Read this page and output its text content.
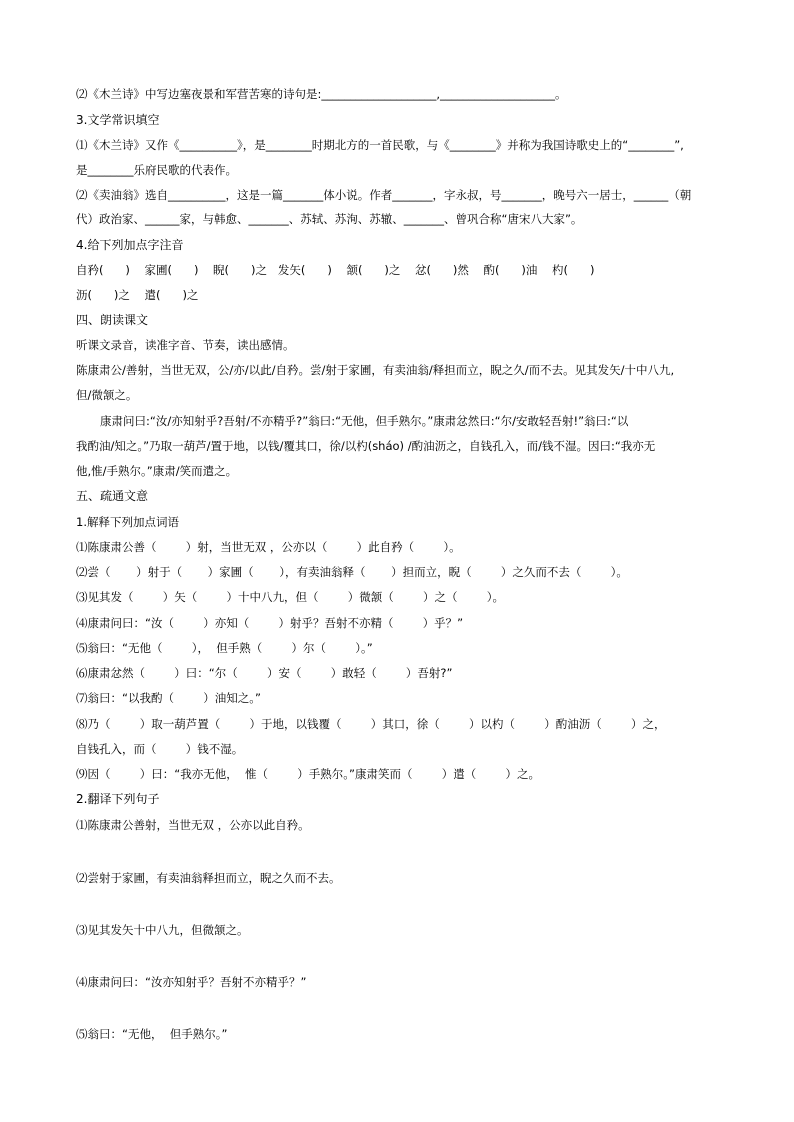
⑵《木兰诗》中写边塞夜景和军营苦寒的诗句是:____________________,____________________。
3.文学常识填空
⑴《木兰诗》又作《__________》，是________时期北方的一首民歌，与《________》并称为我国诗歌史上的“________”,
是________乐府民歌的代表作。
⑵《卖油翁》选自__________，这是一篇_______体小说。作者_______，字永叔，号_______，晚号六一居士，______（朝
代）政治家、______家，与韩愈、_______、苏轼、苏洵、苏辙、_______、曾巩合称“唐宋八大家”。
4.给下列加点字注音
自矜(      )    家圃(      )    睨(      )之   发矢(      )    颔(      )之    忿(      )然    酌(      )油    杓(      )
沥(      )之    遣(      )之
四、朗读课文
听课文录音，读准字音、节奏，读出感情。
陈康肃公/善射，当世无双，公/亦/以此/自矜。尝/射于家圃，有卖油翁/释担而立，睨之久/而不去。见其发矢/十中八九,
但/微颔之。
康肃问曰:“汝/亦知射乎?吾射/不亦精乎?”翁曰:“无他，但手熟尔。”康肃忿然曰:“尔/安敢轻吾射!”翁曰:“以
我酌油/知之。”乃取一葫芦/置于地，以钱/覆其口，徐/以杓(sháo) /酌油沥之，自钱孔入，而/钱不湿。因曰:“我亦无
他,惟/手熟尔。”康肃/笑而遣之。
五、疏通文意
1.解释下列加点词语
⑴陈康肃公善（        ）射，当世无双 ，公亦以（        ）此自矜（        ）。
⑵尝（       ）射于（       ）家圃（       ），有卖油翁释（       ）担而立，睨（        ）之久而不去（        ）。
⑶见其发（        ）矢（        ）十中八九，但（        ）微颔（        ）之（        ）。
⑷康肃问曰：“汝（        ）亦知（        ）射乎？吾射不亦精（        ）乎？”
⑸翁曰：“无他（        ），  但手熟（        ）尔（        ）。”
⑹康肃忿然（        ）曰：“尔（        ）安（        ）敢轻（        ）吾射?”
⑺翁曰：“以我酌（        ）油知之。”
⑻乃（        ）取一葫芦置（        ）于地，以钱覆（        ）其口，徐（        ）以杓（        ）酌油沥（        ）之，
自钱孔入，而（        ）钱不湿。
⑼因（        ）曰：“我亦无他，  惟（        ）手熟尔。”康肃笑而（        ）遣（        ）之。
2.翻译下列句子
⑴陈康肃公善射，当世无双 ，公亦以此自矜。
⑵尝射于家圃，有卖油翁释担而立，睨之久而不去。
⑶见其发矢十中八九，但微颔之。
⑷康肃问曰：“汝亦知射乎？吾射不亦精乎？”
⑸翁曰：“无他，  但手熟尔。”
